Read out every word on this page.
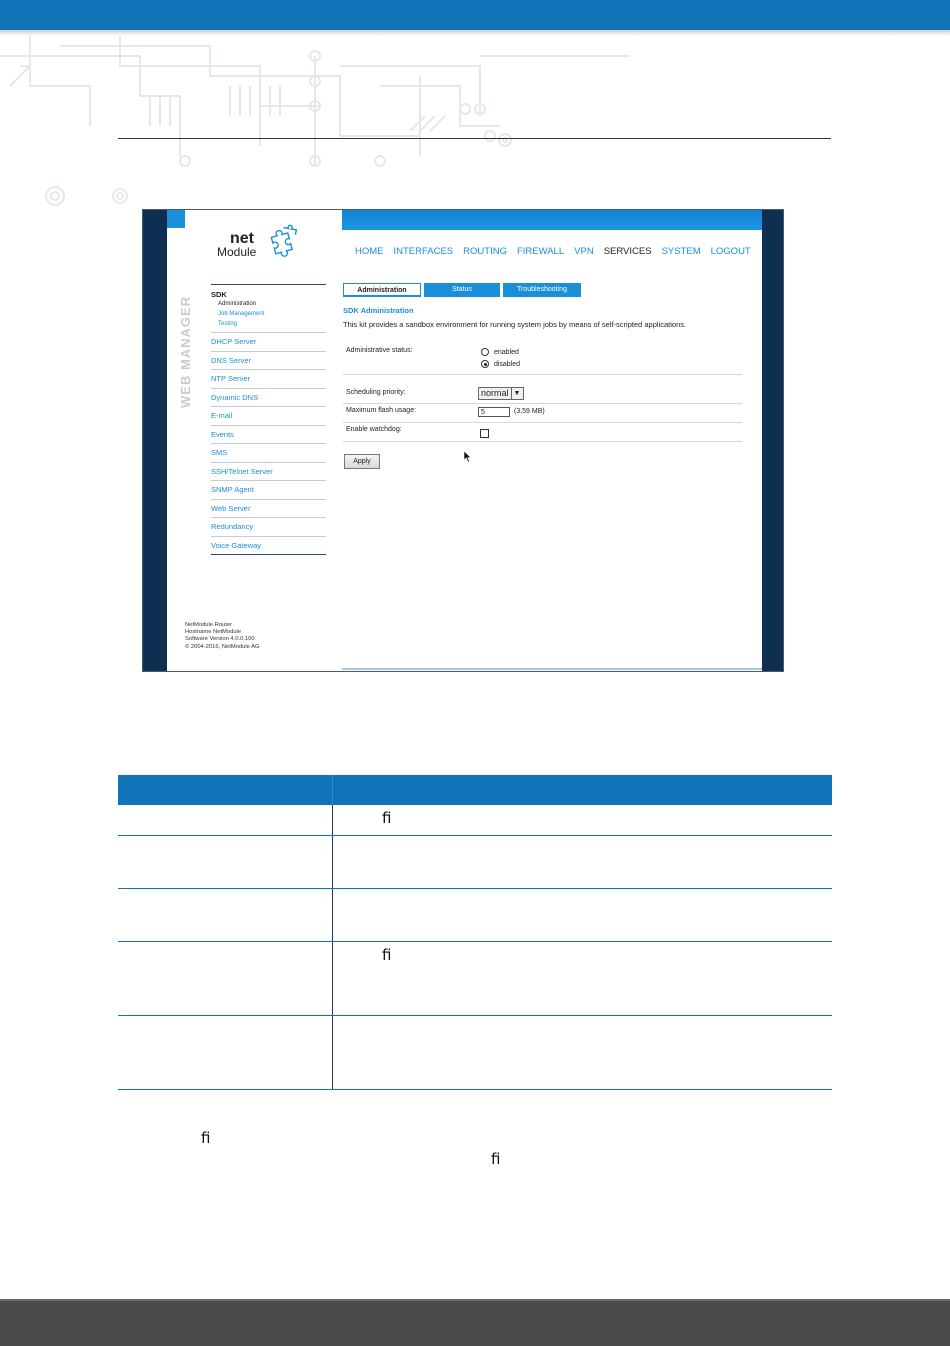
net
Module	HOME INTERFACES ROUTING FIREWALL VPN SERVICES SYSTEM LOGOUT
WEB MANAGER
SDK
Administration
Job Management
Testing
DHCP Server
DNS Server
NTP Server
Dynamic DNS
E-mail
Events
SMS
SSH/Telnet Server
SNMP Agent
Web Server
Redundancy
Voice Gateway
NetModule Router
Hostname NetModule
Software Version 4.0.0.100
© 2004-2016, NetModule AG
Administration	Status	Troubleshooting
SDK Administration
This kit provides a sandbox environment for running system jobs by means of self-scripted applications.
Administrative status:	enabled
disabled
Scheduling priority:	normal ▼
Maximum flash usage:	5	(3.59 MB)
Enable watchdog:
Apply
ﬁ
ﬁ
ﬁ
ﬁ
